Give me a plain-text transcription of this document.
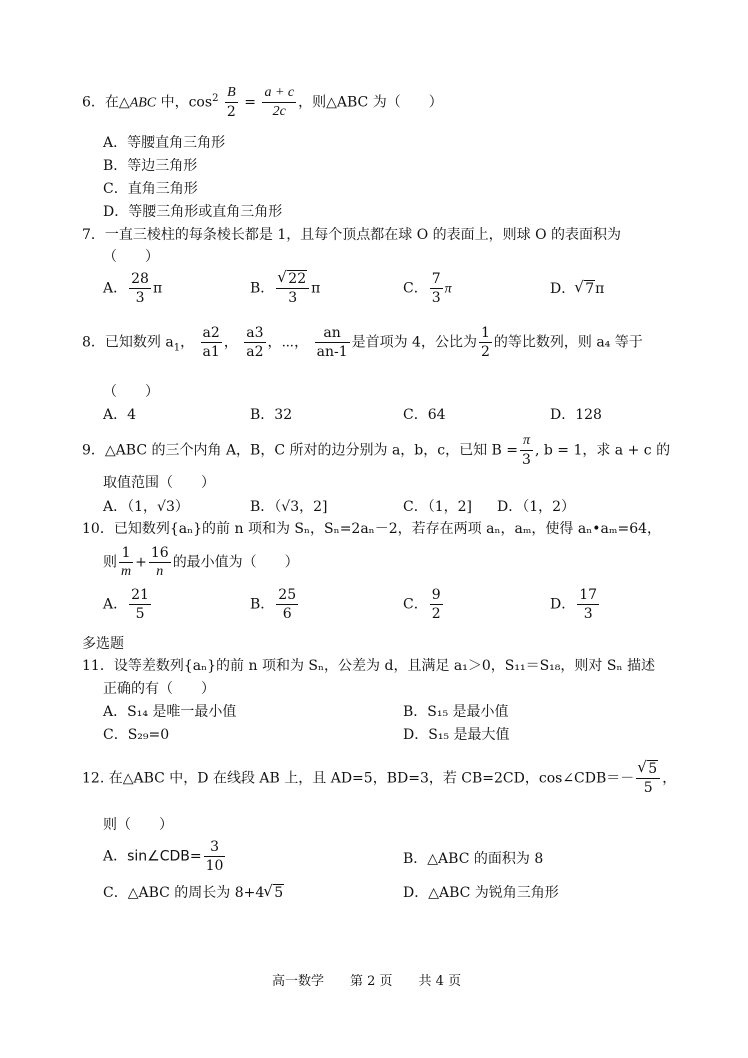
6．在△ABC 中，$\cos^2 \frac{B}{2} = \frac{a + c}{2c}$ ，则△ABC 为（　　）
A．等腰直角三角形
B．等边三角形
C．直角三角形
D．等腰三角形或直角三角形
7．一直三棱柱的每条棱长都是 1，且每个顶点都在球 O 的表面上，则球 O 的表面积为
（　　）
A． $\frac{28}{3}$ π	B． √ $\frac{22}{3}$ π	C． $\frac{7}{3}$ π	D． √ 7π
8．已知数列 $a_1$， $\frac{a2}{a1}$ ， $\frac{a3}{a2}$ ，⋯， $\frac{an}{an-1}$ 是首项为 4，公比为 $\frac{1}{2}$ 的等比数列，则 a₄ 等于
（　　）
A．4	B．32	C．64	D．128
9．△ABC 的三个内角 A，B，C 所对的边分别为 a，b，c，已知 $B = \frac{\pi}{3}$ , b = 1，求 a + c 的
取值范围（　　）
A．（1，√3）	B．（√3，2]	C．（1，2] D．（1，2）
10．已知数列{aₙ}的前 n 项和为 Sₙ，Sₙ=2aₙ－2，若存在两项 aₙ，aₘ，使得 aₙ•aₘ=64，
则 $\frac{1}{m} + \frac{16}{n}$ 的最小值为（　　）
A． $\frac{21}{5}$	B． $\frac{25}{6}$	C． $\frac{9}{2}$	D． $\frac{17}{3}$
多选题
11．设等差数列{aₙ}的前 n 项和为 Sₙ，公差为 d，且满足 a₁＞0，S₁₁＝S₁₈，则对 Sₙ 描述
正确的有（　　）
A．S₁₄ 是唯一最小值	B．S₁₅ 是最小值
C．S₂₉=0	D．S₁₅ 是最大值
12. 在△ABC 中，D 在线段 AB 上，且 AD=5，BD=3，若 CB=2CD，cos∠CDB＝－ √ $\frac{5}{5}$ ，
则（　　）
A．sin∠CDB= $\frac{3}{10}$	B．△ABC 的面积为 8
C．△ABC 的周长为 8+4 √ 5	D．△ABC 为锐角三角形
高一数学　　第 2 页　　共 4 页
